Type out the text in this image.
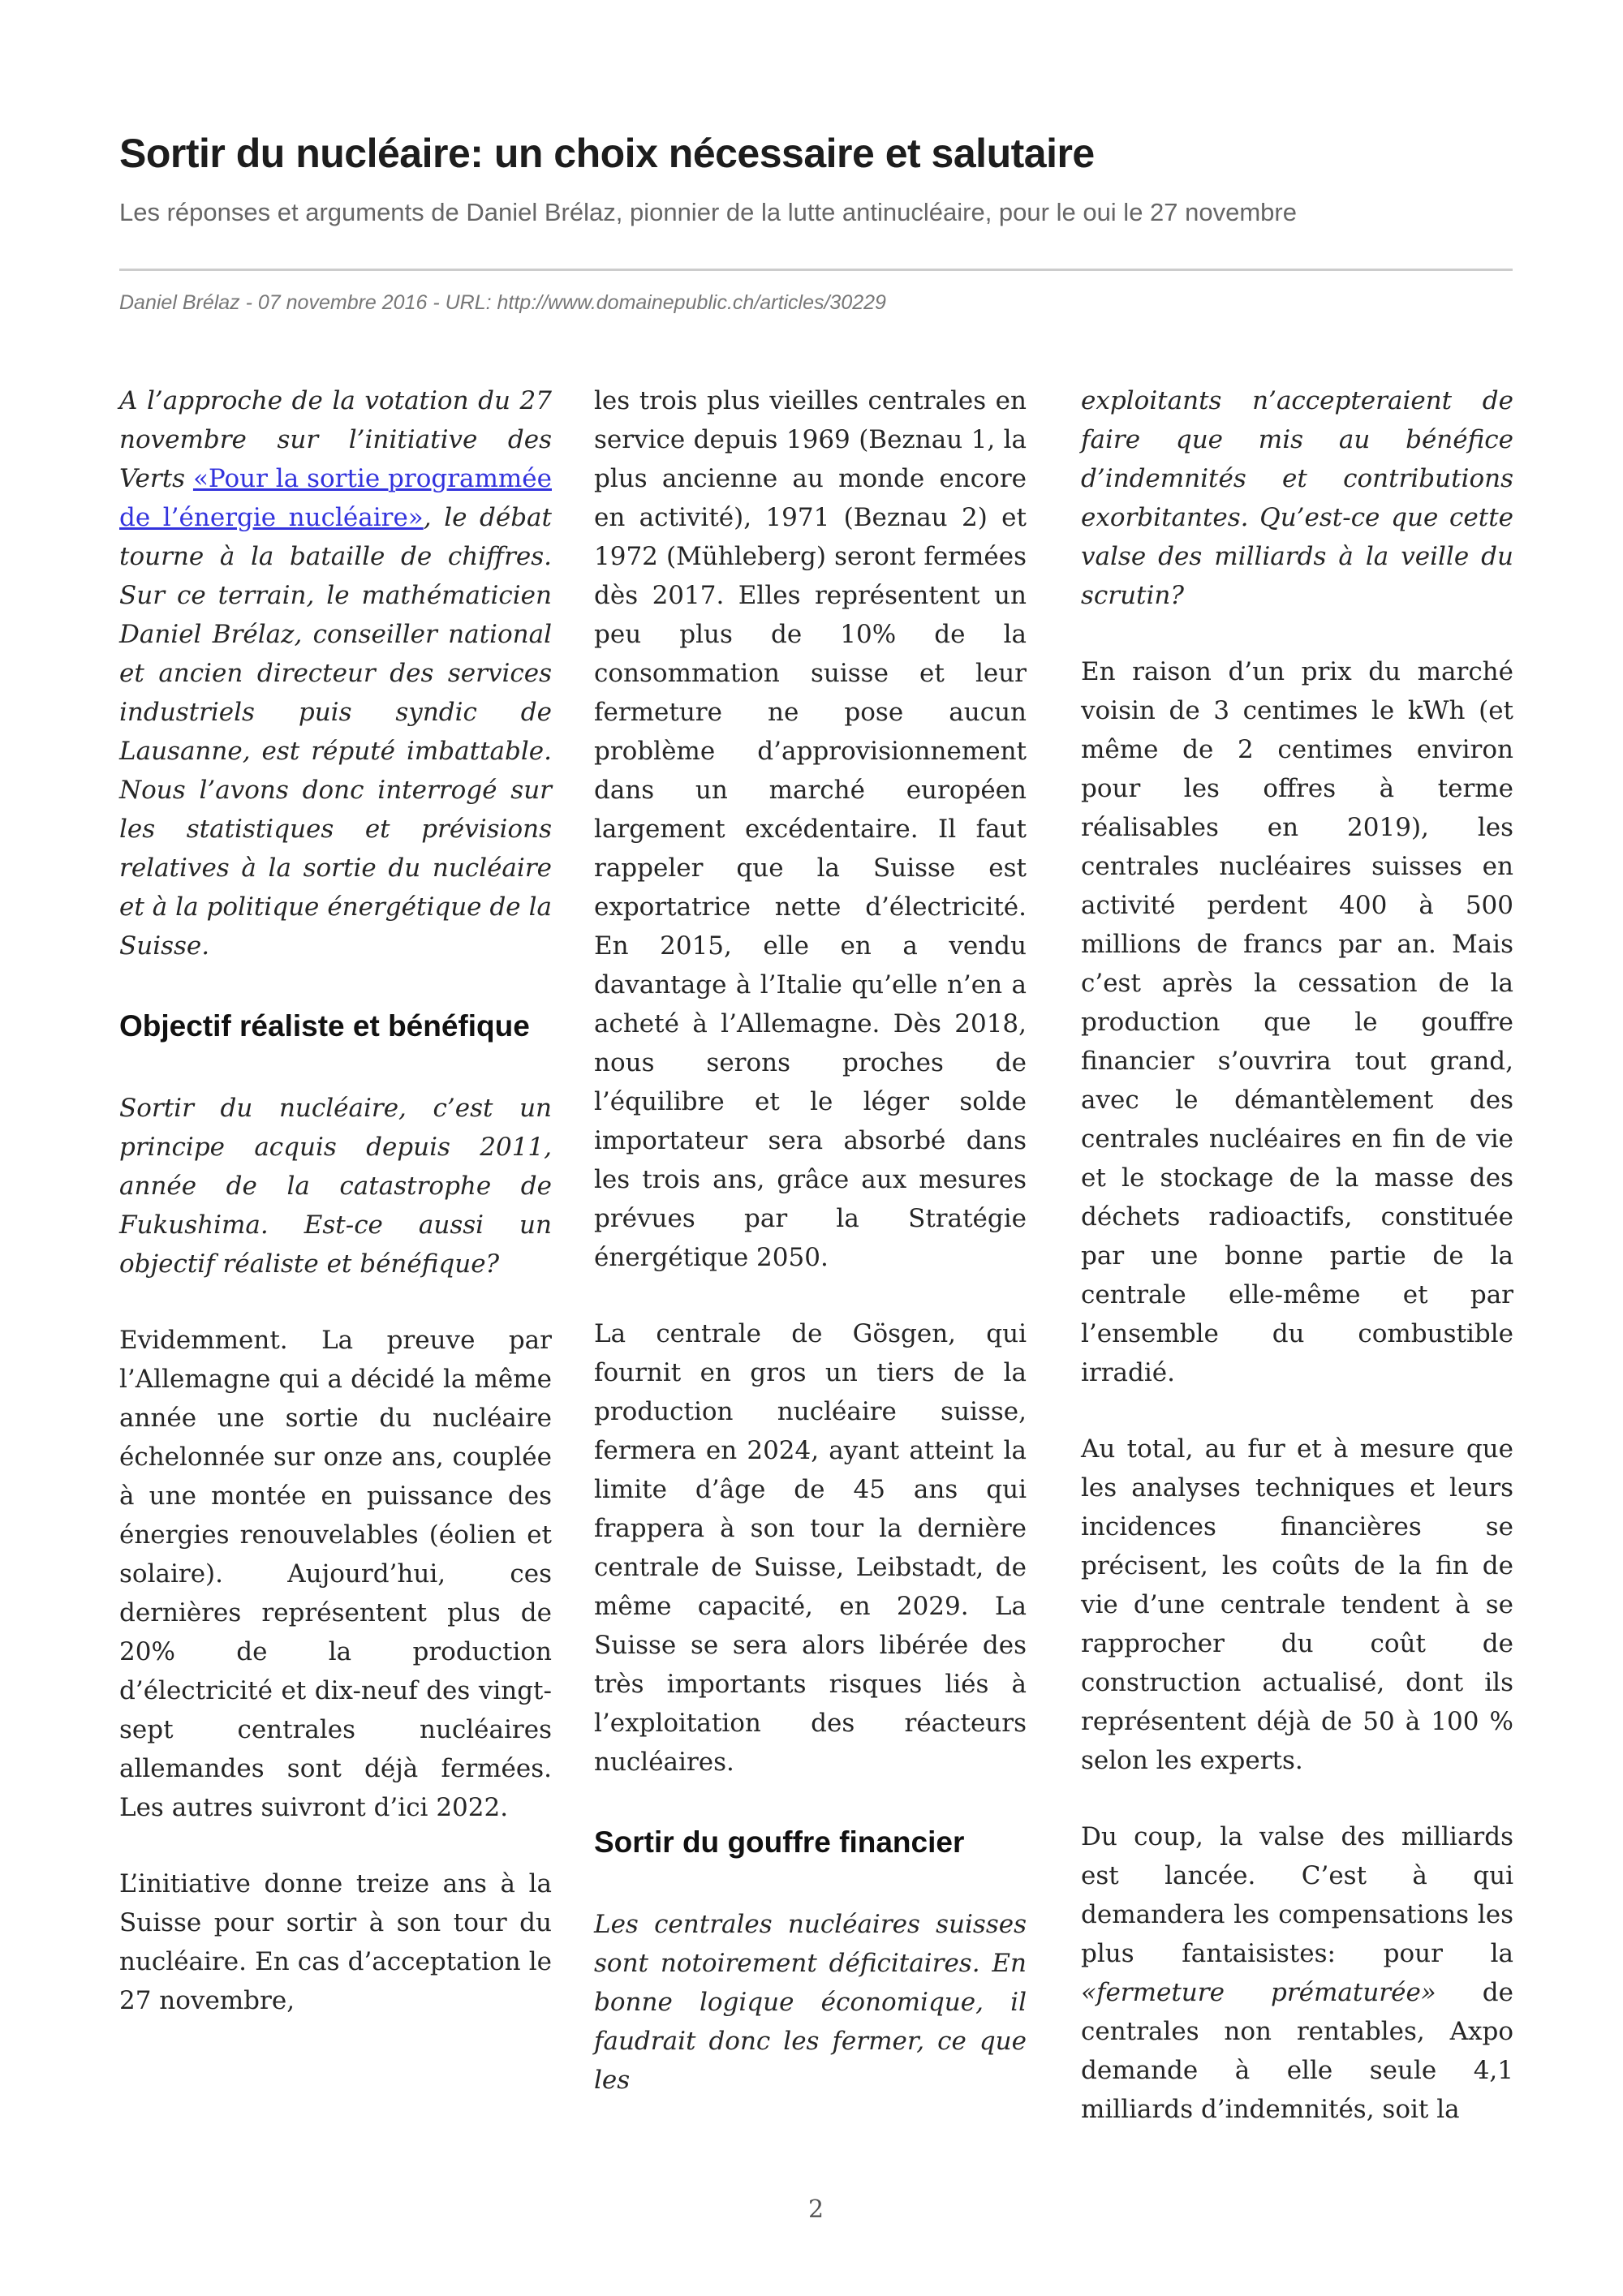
Sortir du nucléaire: un choix nécessaire et salutaire

Les réponses et arguments de Daniel Brélaz, pionnier de la lutte antinucléaire, pour le oui le 27 novembre

Daniel Brélaz - 07 novembre 2016 - URL: http://www.domainepublic.ch/articles/30229

A l’approche de la votation du 27 novembre sur l’initiative des Verts «Pour la sortie programmée de l’énergie nucléaire», le débat tourne à la bataille de chiffres. Sur ce terrain, le mathématicien Daniel Brélaz, conseiller national et ancien directeur des services industriels puis syndic de Lausanne, est réputé imbattable. Nous l’avons donc interrogé sur les statistiques et prévisions relatives à la sortie du nucléaire et à la politique énergétique de la Suisse.

Objectif réaliste et bénéfique

Sortir du nucléaire, c’est un principe acquis depuis 2011, année de la catastrophe de Fukushima. Est-ce aussi un objectif réaliste et bénéfique?

Evidemment. La preuve par l’Allemagne qui a décidé la même année une sortie du nucléaire échelonnée sur onze ans, couplée à une montée en puissance des énergies renouvelables (éolien et solaire). Aujourd’hui, ces dernières représentent plus de 20% de la production d’électricité et dix-neuf des vingt-sept centrales nucléaires allemandes sont déjà fermées. Les autres suivront d’ici 2022.

L’initiative donne treize ans à la Suisse pour sortir à son tour du nucléaire. En cas d’acceptation le 27 novembre,

les trois plus vieilles centrales en service depuis 1969 (Beznau 1, la plus ancienne au monde encore en activité), 1971 (Beznau 2) et 1972 (Mühleberg) seront fermées dès 2017. Elles représentent un peu plus de 10% de la consommation suisse et leur fermeture ne pose aucun problème d’approvisionnement dans un marché européen largement excédentaire. Il faut rappeler que la Suisse est exportatrice nette d’électricité. En 2015, elle en a vendu davantage à l’Italie qu’elle n’en a acheté à l’Allemagne. Dès 2018, nous serons proches de l’équilibre et le léger solde importateur sera absorbé dans les trois ans, grâce aux mesures prévues par la Stratégie énergétique 2050.

La centrale de Gösgen, qui fournit en gros un tiers de la production nucléaire suisse, fermera en 2024, ayant atteint la limite d’âge de 45 ans qui frappera à son tour la dernière centrale de Suisse, Leibstadt, de même capacité, en 2029. La Suisse se sera alors libérée des très importants risques liés à l’exploitation des réacteurs nucléaires.

Sortir du gouffre financier

Les centrales nucléaires suisses sont notoirement déficitaires. En bonne logique économique, il faudrait donc les fermer, ce que les

exploitants n’accepteraient de faire que mis au bénéfice d’indemnités et contributions exorbitantes. Qu’est-ce que cette valse des milliards à la veille du scrutin?

En raison d’un prix du marché voisin de 3 centimes le kWh (et même de 2 centimes environ pour les offres à terme réalisables en 2019), les centrales nucléaires suisses en activité perdent 400 à 500 millions de francs par an. Mais c’est après la cessation de la production que le gouffre financier s’ouvrira tout grand, avec le démantèlement des centrales nucléaires en fin de vie et le stockage de la masse des déchets radioactifs, constituée par une bonne partie de la centrale elle-même et par l’ensemble du combustible irradié.

Au total, au fur et à mesure que les analyses techniques et leurs incidences financières se précisent, les coûts de la fin de vie d’une centrale tendent à se rapprocher du coût de construction actualisé, dont ils représentent déjà de 50 à 100 % selon les experts.

Du coup, la valse des milliards est lancée. C’est à qui demandera les compensations les plus fantaisistes: pour la «fermeture prématurée» de centrales non rentables, Axpo demande à elle seule 4,1 milliards d’indemnités, soit la

2
